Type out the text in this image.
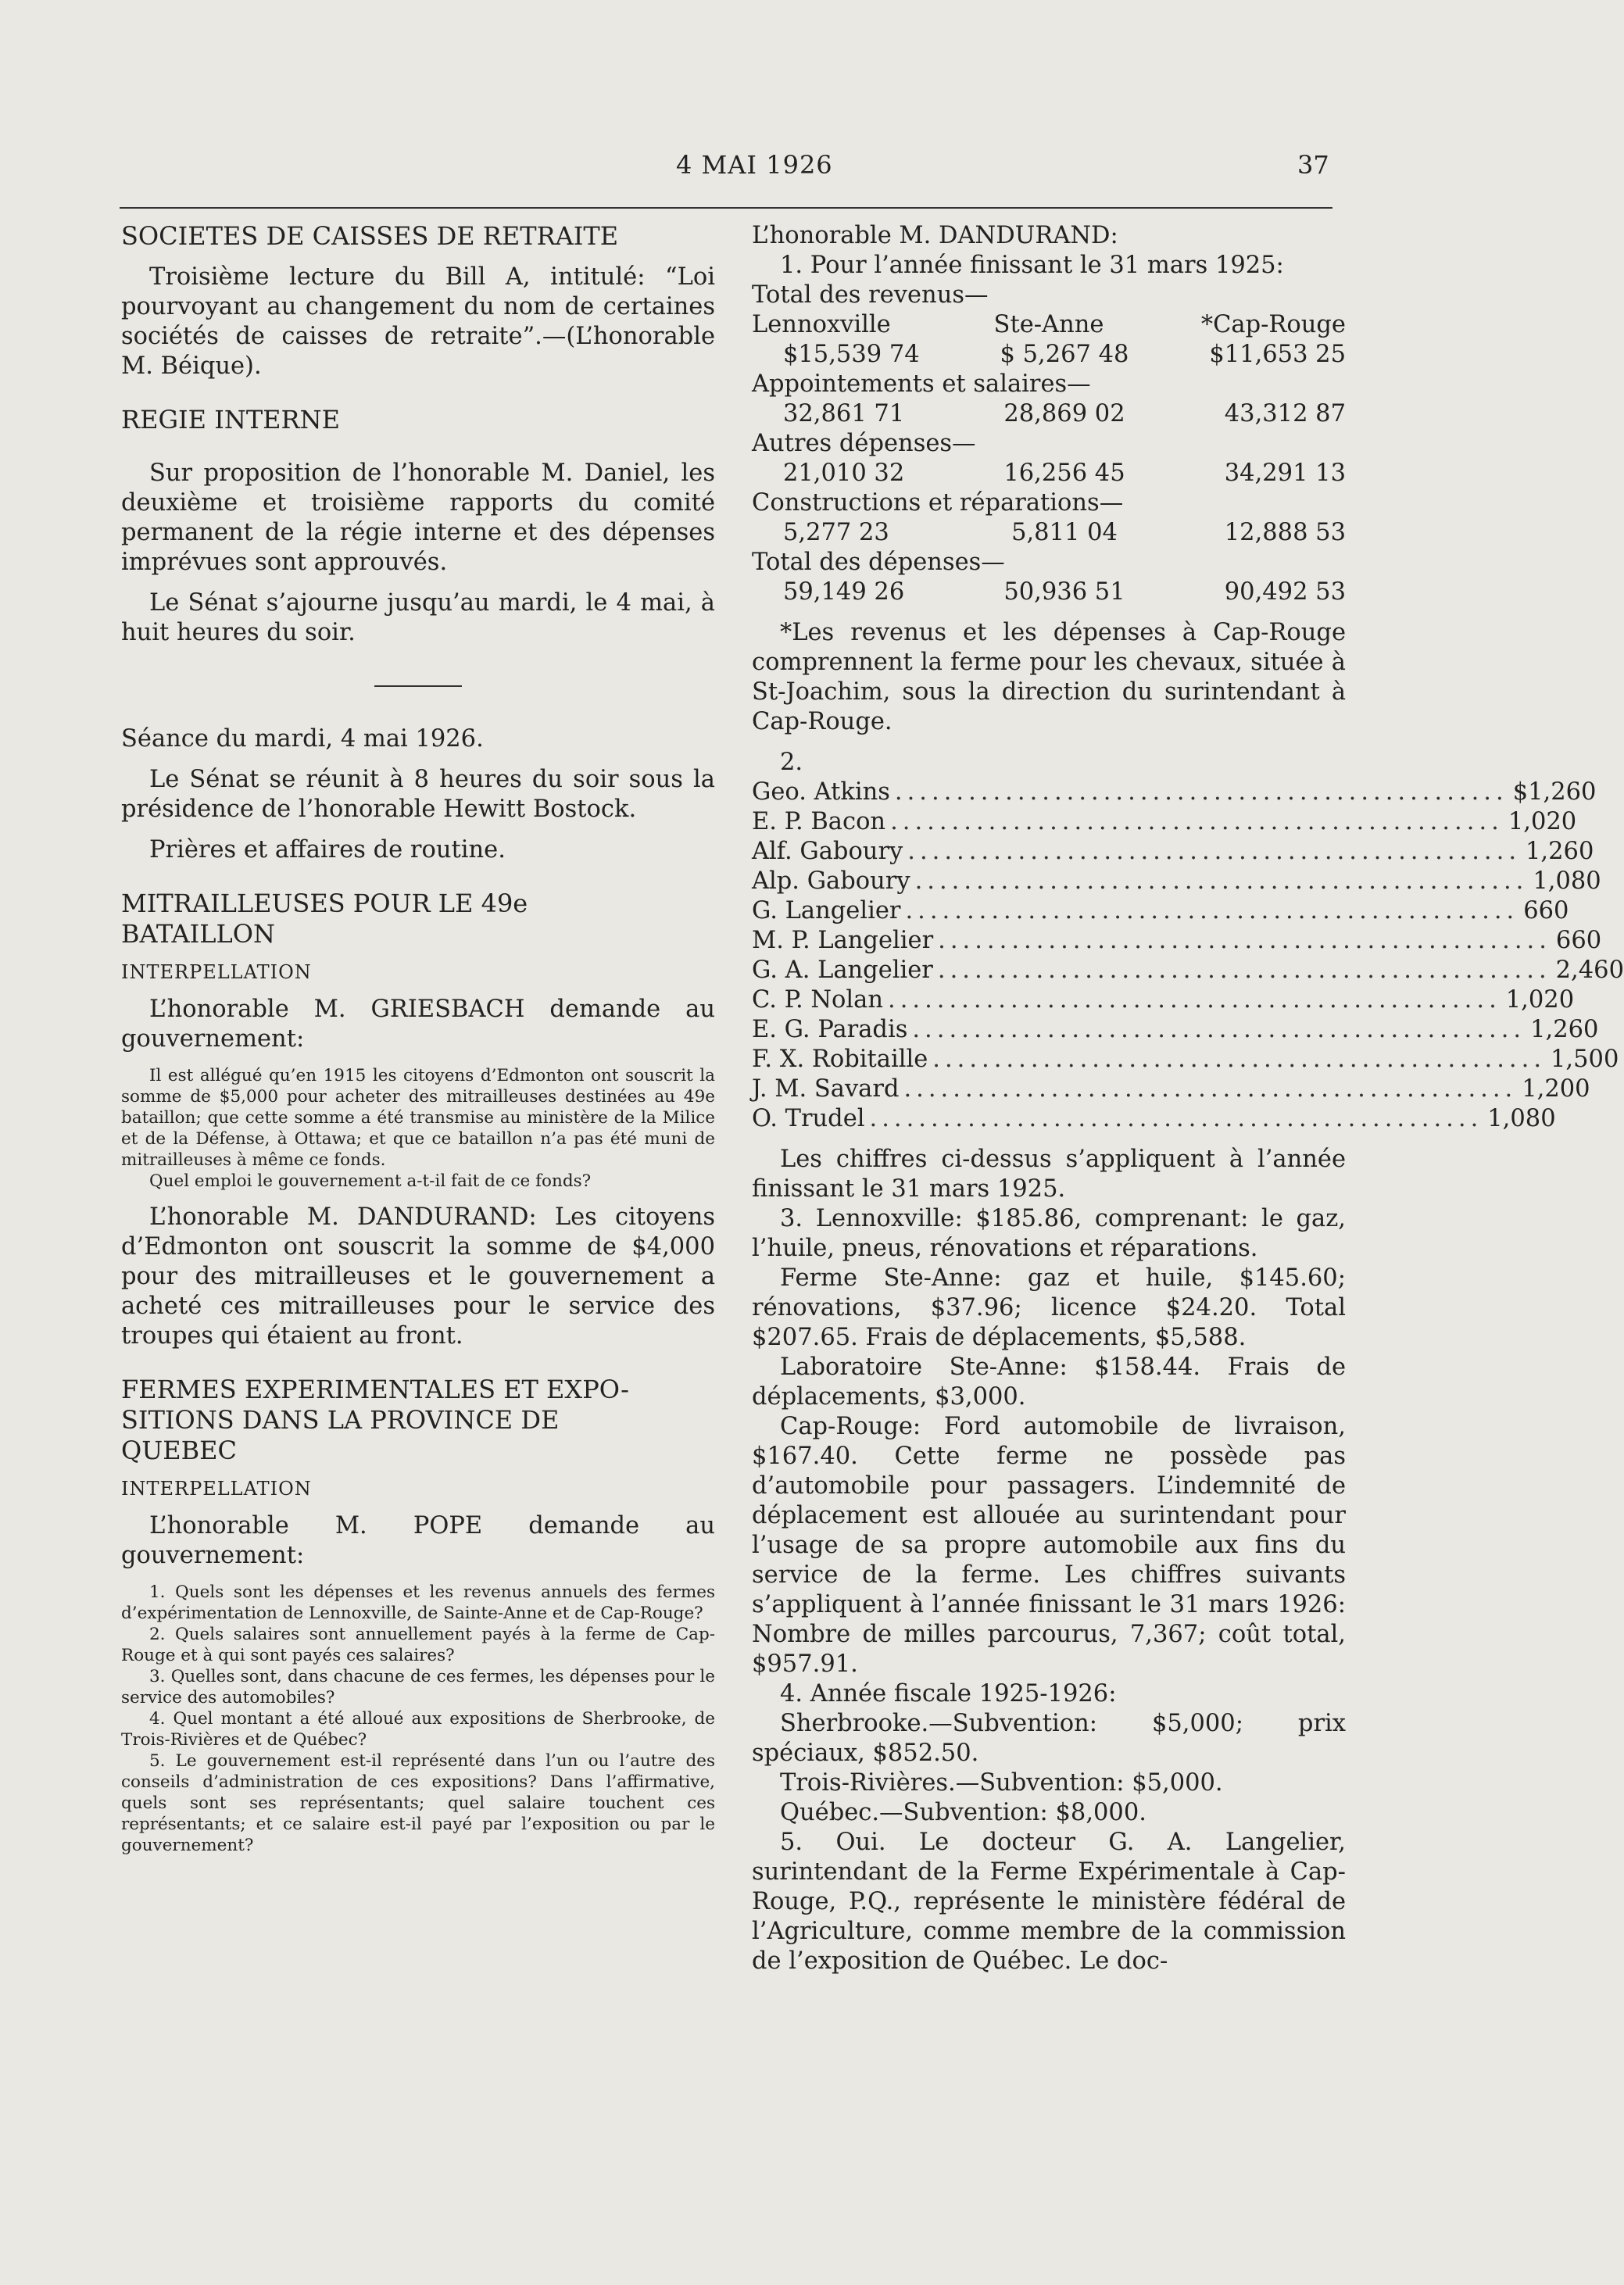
4 MAI 1926	37

SOCIETES DE CAISSES DE RETRAITE

Troisième lecture du Bill A, intitulé: “Loi pourvoyant au changement du nom de certaines sociétés de caisses de retraite”.—(L’honorable M. Béique).

REGIE INTERNE

Sur proposition de l’honorable M. Daniel, les deuxième et troisième rapports du comité permanent de la régie interne et des dépenses imprévues sont approuvés.

Le Sénat s’ajourne jusqu’au mardi, le 4 mai, à huit heures du soir.

Séance du mardi, 4 mai 1926.

Le Sénat se réunit à 8 heures du soir sous la présidence de l’honorable Hewitt Bostock.

Prières et affaires de routine.

MITRAILLEUSES POUR LE 49e

BATAILLON

INTERPELLATION

L’honorable M. GRIESBACH demande au gouvernement:

Il est allégué qu’en 1915 les citoyens d’Edmonton ont souscrit la somme de $5,000 pour acheter des mitrailleuses destinées au 49e bataillon; que cette somme a été transmise au ministère de la Milice et de la Défense, à Ottawa; et que ce bataillon n’a pas été muni de mitrailleuses à même ce fonds.

Quel emploi le gouvernement a-t-il fait de ce fonds?

L’honorable M. DANDURAND: Les citoyens d’Edmonton ont souscrit la somme de $4,000 pour des mitrailleuses et le gouvernement a acheté ces mitrailleuses pour le service des troupes qui étaient au front.

FERMES EXPERIMENTALES ET EXPO-

SITIONS DANS LA PROVINCE DE

QUEBEC

INTERPELLATION

L’honorable M. POPE demande au gouvernement:

1. Quels sont les dépenses et les revenus annuels des fermes d’expérimentation de Lennoxville, de Sainte-Anne et de Cap-Rouge?

2. Quels salaires sont annuellement payés à la ferme de Cap-Rouge et à qui sont payés ces salaires?

3. Quelles sont, dans chacune de ces fermes, les dépenses pour le service des automobiles?

4. Quel montant a été alloué aux expositions de Sherbrooke, de Trois-Rivières et de Québec?

5. Le gouvernement est-il représenté dans l’un ou l’autre des conseils d’administration de ces expositions? Dans l’affirmative, quels sont ses représentants; quel salaire touchent ces représentants; et ce salaire est-il payé par l’exposition ou par le gouvernement?

L’honorable M. DANDURAND:

1. Pour l’année finissant le 31 mars 1925:

Total des revenus—

Lennoxville	Ste-Anne	*Cap-Rouge
$15,539 74	$ 5,267 48	$11,653 25

Appointements et salaires—

32,861 71	28,869 02	43,312 87

Autres dépenses—

21,010 32	16,256 45	34,291 13

Constructions et réparations—

5,277 23	5,811 04	12,888 53

Total des dépenses—

59,149 26	50,936 51	90,492 53

*Les revenus et les dépenses à Cap-Rouge comprennent la ferme pour les chevaux, située à St-Joachim, sous la direction du surintendant à Cap-Rouge.

2.

Geo. Atkins .................................................. $1,260
E. P. Bacon .................................................. 1,020
Alf. Gaboury .................................................. 1,260
Alp. Gaboury .................................................. 1,080
G. Langelier .................................................. 660
M. P. Langelier .................................................. 660
G. A. Langelier .................................................. 2,460
C. P. Nolan .................................................. 1,020
E. G. Paradis .................................................. 1,260
F. X. Robitaille .................................................. 1,500
J. M. Savard .................................................. 1,200
O. Trudel .................................................. 1,080

Les chiffres ci-dessus s’appliquent à l’année finissant le 31 mars 1925.

3. Lennoxville: $185.86, comprenant: le gaz, l’huile, pneus, rénovations et réparations.

Ferme Ste-Anne: gaz et huile, $145.60; rénovations, $37.96; licence $24.20. Total $207.65. Frais de déplacements, $5,588.

Laboratoire Ste-Anne: $158.44. Frais de déplacements, $3,000.

Cap-Rouge: Ford automobile de livraison, $167.40. Cette ferme ne possède pas d’automobile pour passagers. L’indemnité de déplacement est allouée au surintendant pour l’usage de sa propre automobile aux fins du service de la ferme. Les chiffres suivants s’appliquent à l’année finissant le 31 mars 1926: Nombre de milles parcourus, 7,367; coût total, $957.91.

4. Année fiscale 1925-1926:

Sherbrooke.—Subvention: $5,000; prix spéciaux, $852.50.

Trois-Rivières.—Subvention: $5,000.

Québec.—Subvention: $8,000.

5. Oui. Le docteur G. A. Langelier, surintendant de la Ferme Expérimentale à Cap-Rouge, P.Q., représente le ministère fédéral de l’Agriculture, comme membre de la commission de l’exposition de Québec. Le doc-
